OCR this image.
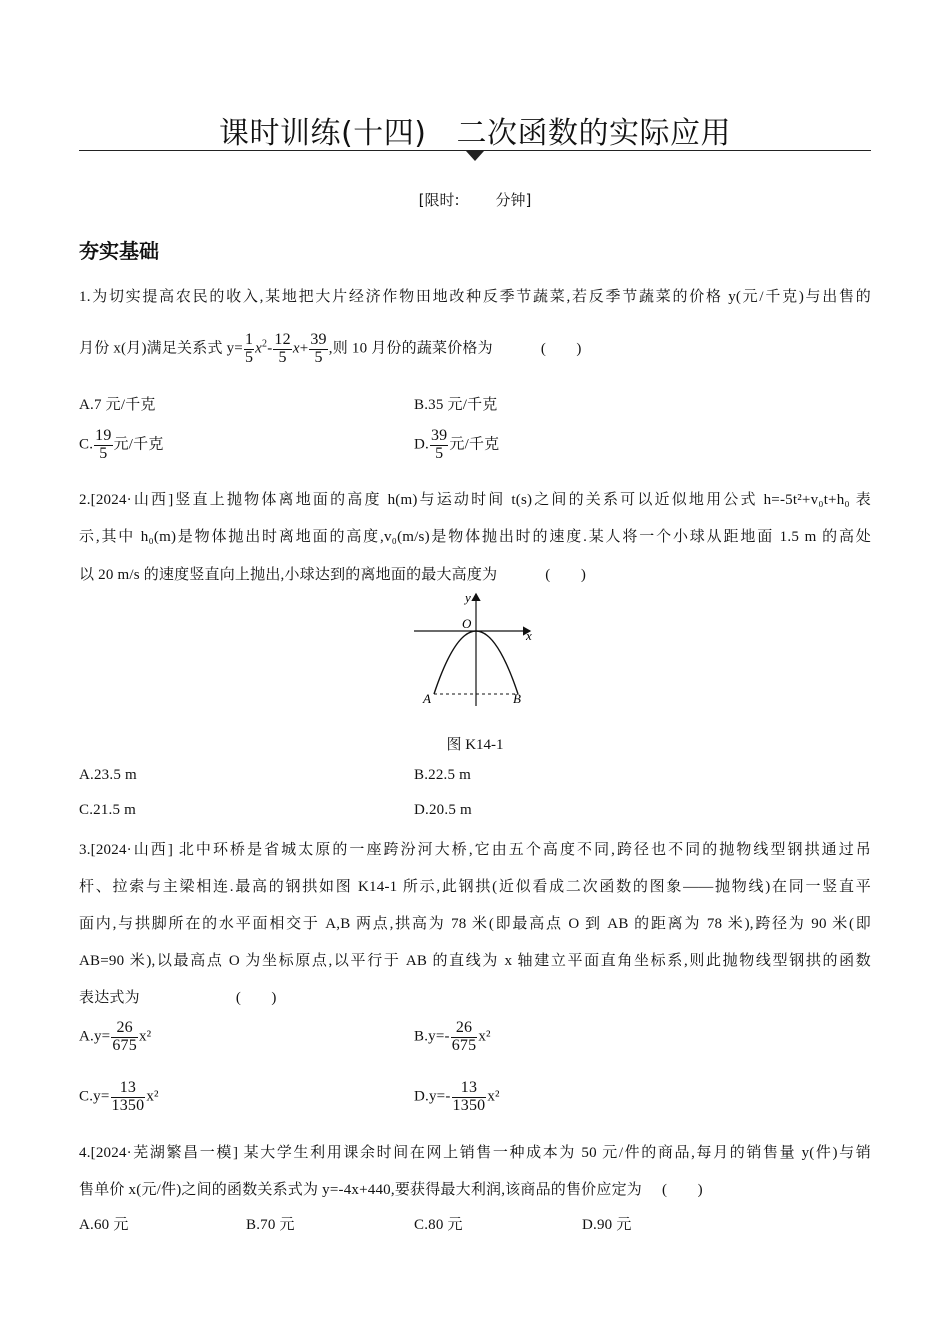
课时训练(十四) 二次函数的实际应用
[限时: 分钟]
夯实基础
1.为切实提高农民的收入,某地把大片经济作物田地改种反季节蔬菜,若反季节蔬菜的价格 y(元/千克)与出售的
月份 x(月)满足关系式 $y= \frac{1}{5} x^2- \frac{12}{5} x+ \frac{39}{5}$ ,则 10 月份的蔬菜价格为	(　　)
A.7 元/千克	B.35 元/千克
C. $\frac{19}{5}$ 元/千克	D. $\frac{39}{5}$ 元/千克
2.[2024·山西]竖直上抛物体离地面的高度 h(m)与运动时间 t(s)之间的关系可以近似地用公式 h=-5t²+v₀t+h₀ 表
示,其中 h₀(m)是物体抛出时离地面的高度,v₀(m/s)是物体抛出时的速度.某人将一个小球从距地面 1.5 m 的高处
以 20 m/s 的速度竖直向上抛出,小球达到的离地面的最大高度为	(　　)
y
x
O
A	B
图 K14-1
A.23.5 m	B.22.5 m
C.21.5 m	D.20.5 m
3.[2024·山西] 北中环桥是省城太原的一座跨汾河大桥,它由五个高度不同,跨径也不同的抛物线型钢拱通过吊
杆、拉索与主梁相连.最高的钢拱如图 K14-1 所示,此钢拱(近似看成二次函数的图象——抛物线)在同一竖直平
面内,与拱脚所在的水平面相交于 A,B 两点,拱高为 78 米(即最高点 O 到 AB 的距离为 78 米),跨径为 90 米(即
AB=90 米),以最高点 O 为坐标原点,以平行于 AB 的直线为 x 轴建立平面直角坐标系,则此抛物线型钢拱的函数
表达式为	(　　)
$A.y= \frac{26}{675} x^2$	$B.y=- \frac{26}{675} x^2$
$C.y= \frac{13}{1350} x^2$	$D.y=- \frac{13}{1350} x^2$
4.[2024·芜湖繁昌一模] 某大学生利用课余时间在网上销售一种成本为 50 元/件的商品,每月的销售量 y(件)与销
售单价 x(元/件)之间的函数关系式为 y=-4x+440,要获得最大利润,该商品的售价应定为 (　　)
A.60 元	B.70 元	C.80 元	D.90 元
